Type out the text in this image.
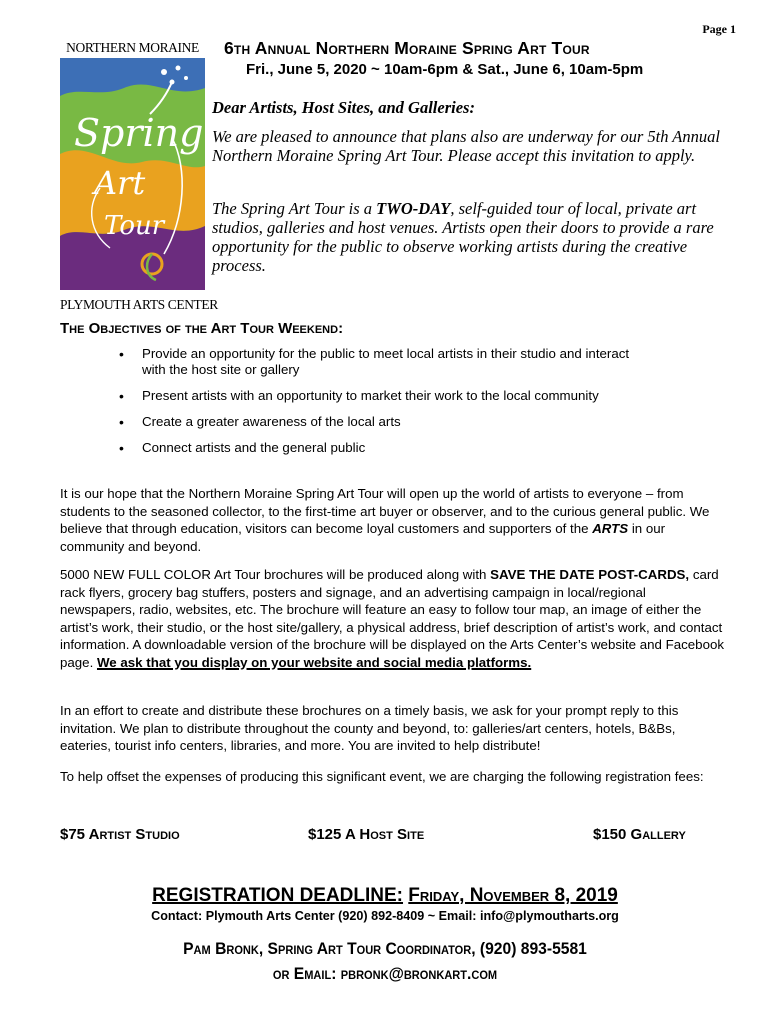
Page 1
NORTHERN MORAINE
Spring
Art
Tour
PLYMOUTH ARTS CENTER
6th Annual Northern Moraine Spring Art Tour
Fri., June 5, 2020 ~ 10am-6pm & Sat., June 6, 10am-5pm
Dear Artists, Host Sites, and Galleries:
We are pleased to announce that plans also are underway for our 5th Annual Northern Moraine Spring Art Tour. Please accept this invitation to apply.
The Spring Art Tour is a TWO-DAY, self-guided tour of local, private art studios, galleries and host venues. Artists open their doors to provide a rare opportunity for the public to observe working artists during the creative process.
The Objectives of the Art Tour Weekend:
• Provide an opportunity for the public to meet local artists in their studio and interact with the host site or gallery
• Present artists with an opportunity to market their work to the local community
• Create a greater awareness of the local arts
• Connect artists and the general public
It is our hope that the Northern Moraine Spring Art Tour will open up the world of artists to everyone – from students to the seasoned collector, to the first-time art buyer or observer, and to the curious general public. We believe that through education, visitors can become loyal customers and supporters of the ARTS in our community and beyond.
5000 NEW FULL COLOR Art Tour brochures will be produced along with SAVE THE DATE POST-CARDS, card rack flyers, grocery bag stuffers, posters and signage, and an advertising campaign in local/regional newspapers, radio, websites, etc. The brochure will feature an easy to follow tour map, an image of either the artist’s work, their studio, or the host site/gallery, a physical address, brief description of artist’s work, and contact information. A downloadable version of the brochure will be displayed on the Arts Center’s website and Facebook page. We ask that you display on your website and social media platforms.
In an effort to create and distribute these brochures on a timely basis, we ask for your prompt reply to this invitation. We plan to distribute throughout the county and beyond, to: galleries/art centers, hotels, B&Bs, eateries, tourist info centers, libraries, and more. You are invited to help distribute!
To help offset the expenses of producing this significant event, we are charging the following registration fees:
$75 Artist Studio	$125 A Host Site	$150 Gallery
REGISTRATION DEADLINE: Friday, November 8, 2019
Contact: Plymouth Arts Center (920) 892-8409 ~ Email: info@plymoutharts.org
Pam Bronk, Spring Art Tour Coordinator, (920) 893-5581
or Email: pbronk@bronkart.com
